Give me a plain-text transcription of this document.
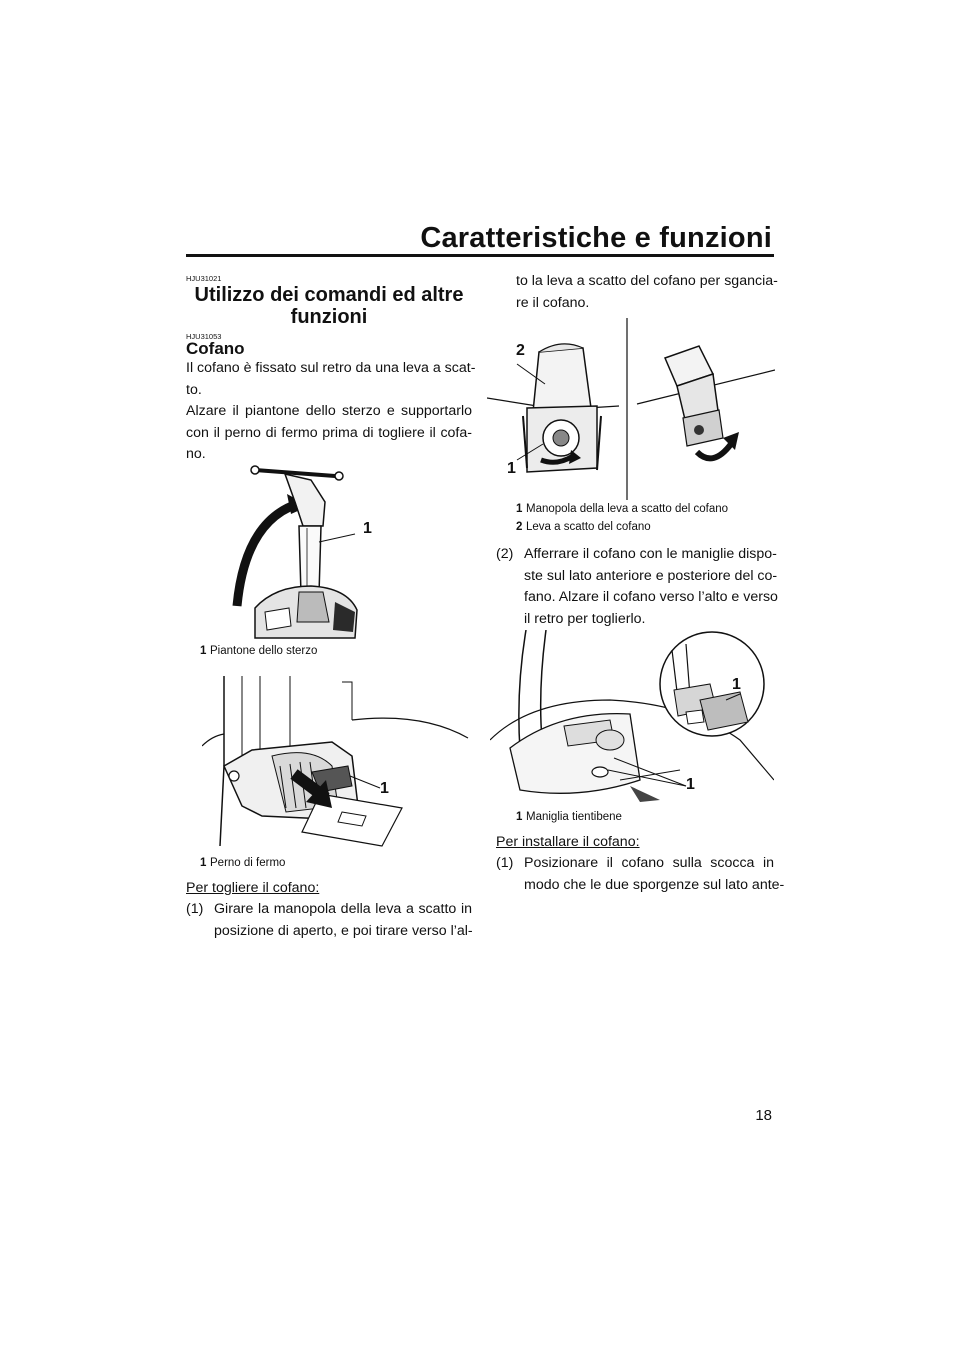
Caratteristiche e funzioni
HJU31021
Utilizzo dei comandi ed altre
funzioni
HJU31053
Cofano
Il cofano è fissato sul retro da una leva a scat-
to.
Alzare il piantone dello sterzo e supportarlo
con il perno di fermo prima di togliere il cofa-
no.
1
1 Piantone dello sterzo
1
1 Perno di fermo
Per togliere il cofano:
(1) Girare la manopola della leva a scatto in
posizione di aperto, e poi tirare verso l’al-
to la leva a scatto del cofano per sgancia-
re il cofano.
2
1
1 Manopola della leva a scatto del cofano
2 Leva a scatto del cofano
(2) Afferrare il cofano con le maniglie dispo-
ste sul lato anteriore e posteriore del co-
fano. Alzare il cofano verso l’alto e verso
il retro per toglierlo.
1
1
1 Maniglia tientibene
Per installare il cofano:
(1) Posizionare il cofano sulla scocca in
modo che le due sporgenze sul lato ante-
18
